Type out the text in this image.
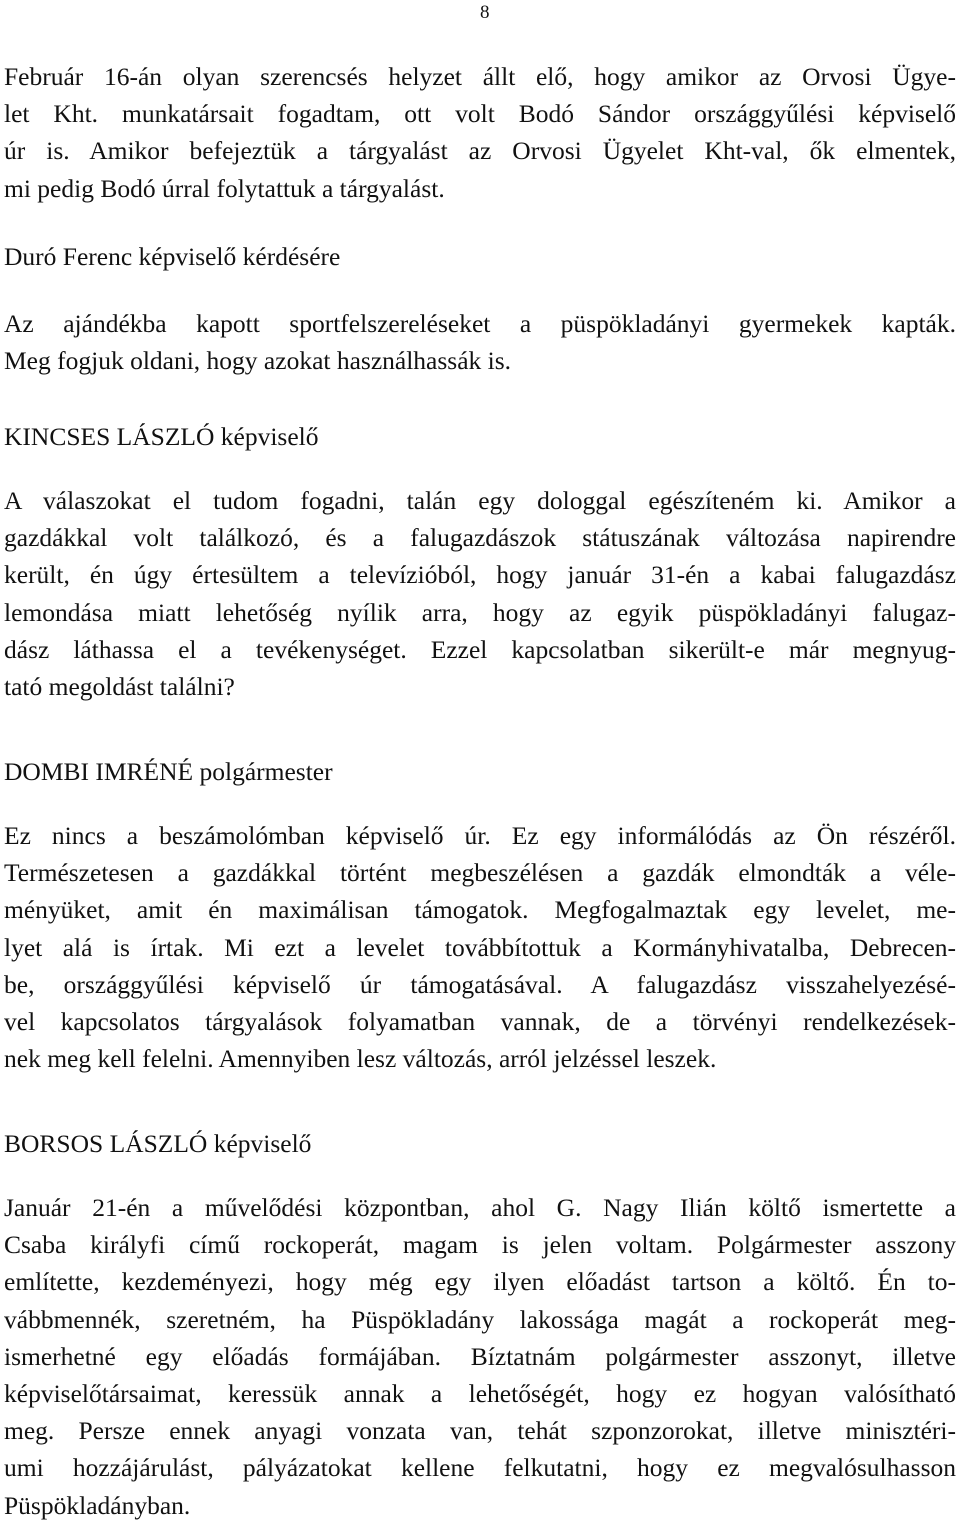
8
Február 16-án olyan szerencsés helyzet állt elő, hogy amikor az Orvosi Ügye-
let Kht. munkatársait fogadtam, ott volt Bodó Sándor országgyűlési képviselő
úr is. Amikor befejeztük a tárgyalást az Orvosi Ügyelet Kht-val, ők elmentek,
mi pedig Bodó úrral folytattuk a tárgyalást.
Duró Ferenc képviselő kérdésére
Az ajándékba kapott sportfelszereléseket a püspökladányi gyermekek kapták.
Meg fogjuk oldani, hogy azokat használhassák is.
KINCSES LÁSZLÓ képviselő
A válaszokat el tudom fogadni, talán egy dologgal egészíteném ki. Amikor a
gazdákkal volt találkozó, és a falugazdászok státuszának változása napirendre
került, én úgy értesültem a televízióból, hogy január 31-én a kabai falugazdász
lemondása miatt lehetőség nyílik arra, hogy az egyik püspökladányi falugaz-
dász láthassa el a tevékenységet. Ezzel kapcsolatban sikerült-e már megnyug-
tató megoldást találni?
DOMBI IMRÉNÉ polgármester
Ez nincs a beszámolómban képviselő úr. Ez egy informálódás az Ön részéről.
Természetesen a gazdákkal történt megbeszélésen a gazdák elmondták a véle-
ményüket, amit én maximálisan támogatok. Megfogalmaztak egy levelet, me-
lyet alá is írtak. Mi ezt a levelet továbbítottuk a Kormányhivatalba, Debrecen-
be, országgyűlési képviselő úr támogatásával. A falugazdász visszahelyezésé-
vel kapcsolatos tárgyalások folyamatban vannak, de a törvényi rendelkezések-
nek meg kell felelni. Amennyiben lesz változás, arról jelzéssel leszek.
BORSOS LÁSZLÓ képviselő
Január 21-én a művelődési központban, ahol G. Nagy Ilián költő ismertette a
Csaba királyfi című rockoperát, magam is jelen voltam. Polgármester asszony
említette, kezdeményezi, hogy még egy ilyen előadást tartson a költő. Én to-
vábbmennék, szeretném, ha Püspökladány lakossága magát a rockoperát meg-
ismerhetné egy előadás formájában. Bíztatnám polgármester asszonyt, illetve
képviselőtársaimat, keressük annak a lehetőségét, hogy ez hogyan valósítható
meg. Persze ennek anyagi vonzata van, tehát szponzorokat, illetve minisztéri-
umi hozzájárulást, pályázatokat kellene felkutatni, hogy ez megvalósulhasson
Püspökladányban.
